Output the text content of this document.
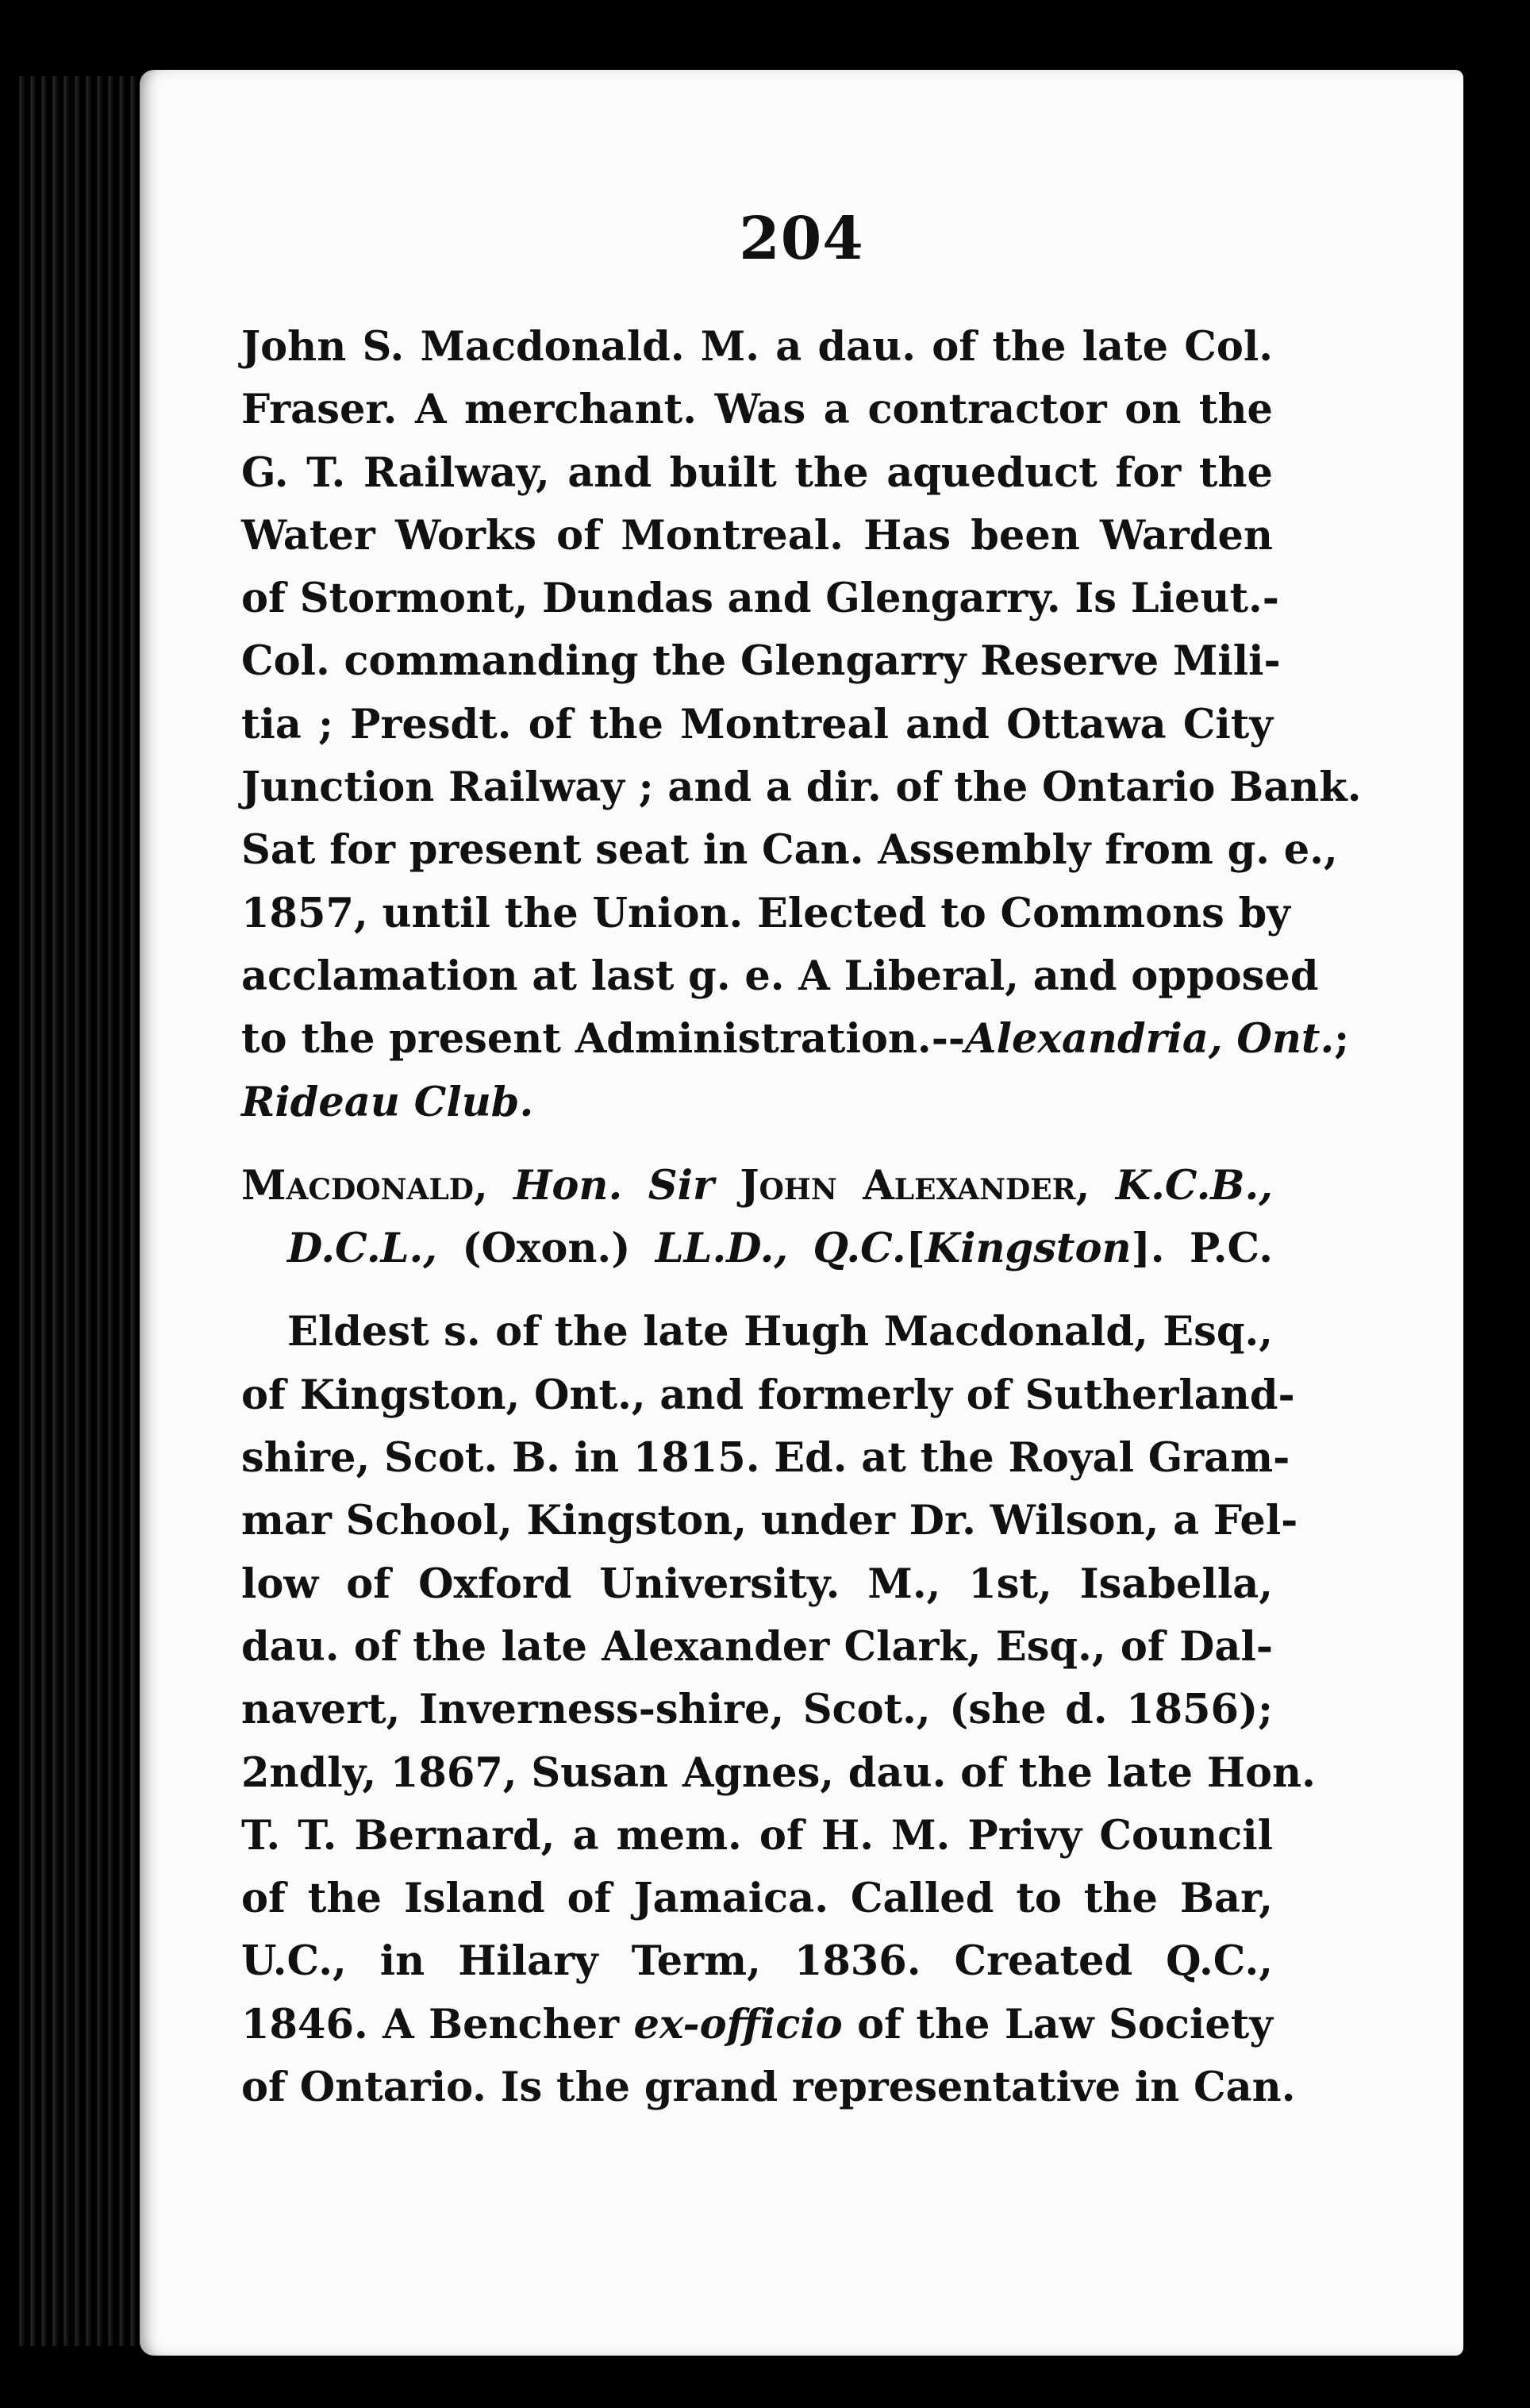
204
John S. Macdonald. M. a dau. of the late Col.
Fraser. A merchant. Was a contractor on the
G. T. Railway, and built the aqueduct for the
Water Works of Montreal. Has been Warden
of Stormont, Dundas and Glengarry. Is Lieut.-
Col. commanding the Glengarry Reserve Mili-
tia ; Presdt. of the Montreal and Ottawa City
Junction Railway ; and a dir. of the Ontario Bank.
Sat for present seat in Can. Assembly from g. e.,
1857, until the Union. Elected to Commons by
acclamation at last g. e. A Liberal, and opposed
to the present Administration.--Alexandria, Ont.;
Rideau Club.
Macdonald, Hon. Sir John Alexander, K.C.B.,
D.C.L., (Oxon.) LL.D., Q.C.[Kingston]. P.C.
Eldest s. of the late Hugh Macdonald, Esq.,
of Kingston, Ont., and formerly of Sutherland-
shire, Scot. B. in 1815. Ed. at the Royal Gram-
mar School, Kingston, under Dr. Wilson, a Fel-
low of Oxford University. M., 1st, Isabella,
dau. of the late Alexander Clark, Esq., of Dal-
navert, Inverness-shire, Scot., (she d. 1856);
2ndly, 1867, Susan Agnes, dau. of the late Hon.
T. T. Bernard, a mem. of H. M. Privy Council
of the Island of Jamaica. Called to the Bar,
U.C., in Hilary Term, 1836. Created Q.C.,
1846. A Bencher ex-officio of the Law Society
of Ontario. Is the grand representative in Can.
